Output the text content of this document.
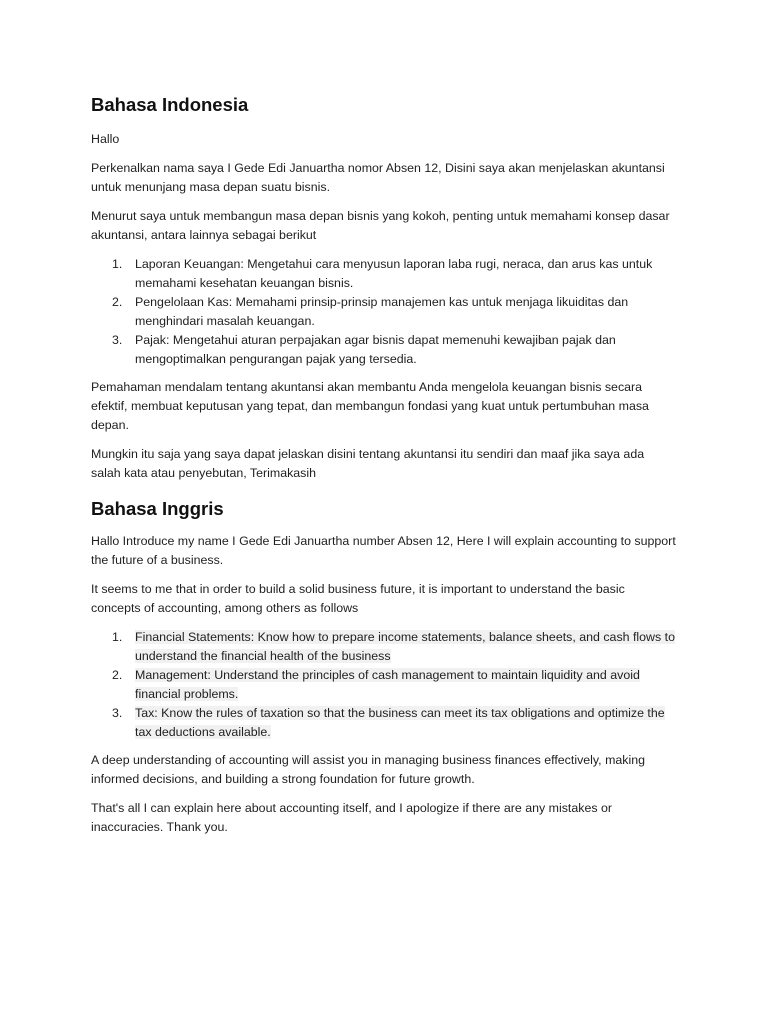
Bahasa Indonesia

Hallo

Perkenalkan nama saya I Gede Edi Januartha nomor Absen 12, Disini saya akan menjelaskan akuntansi untuk menunjang masa depan suatu bisnis.

Menurut saya untuk membangun masa depan bisnis yang kokoh, penting untuk memahami konsep dasar akuntansi, antara lainnya sebagai berikut

1. Laporan Keuangan: Mengetahui cara menyusun laporan laba rugi, neraca, dan arus kas untuk memahami kesehatan keuangan bisnis.
2. Pengelolaan Kas: Memahami prinsip-prinsip manajemen kas untuk menjaga likuiditas dan menghindari masalah keuangan.
3. Pajak: Mengetahui aturan perpajakan agar bisnis dapat memenuhi kewajiban pajak dan mengoptimalkan pengurangan pajak yang tersedia.

Pemahaman mendalam tentang akuntansi akan membantu Anda mengelola keuangan bisnis secara efektif, membuat keputusan yang tepat, dan membangun fondasi yang kuat untuk pertumbuhan masa depan.

Mungkin itu saja yang saya dapat jelaskan disini tentang akuntansi itu sendiri dan maaf jika saya ada salah kata atau penyebutan, Terimakasih

Bahasa Inggris

Hallo Introduce my name I Gede Edi Januartha number Absen 12, Here I will explain accounting to support the future of a business.

It seems to me that in order to build a solid business future, it is important to understand the basic concepts of accounting, among others as follows

1. Financial Statements: Know how to prepare income statements, balance sheets, and cash flows to understand the financial health of the business
2. Management: Understand the principles of cash management to maintain liquidity and avoid financial problems.
3. Tax: Know the rules of taxation so that the business can meet its tax obligations and optimize the tax deductions available.

A deep understanding of accounting will assist you in managing business finances effectively, making informed decisions, and building a strong foundation for future growth.

That's all I can explain here about accounting itself, and I apologize if there are any mistakes or inaccuracies. Thank you.
